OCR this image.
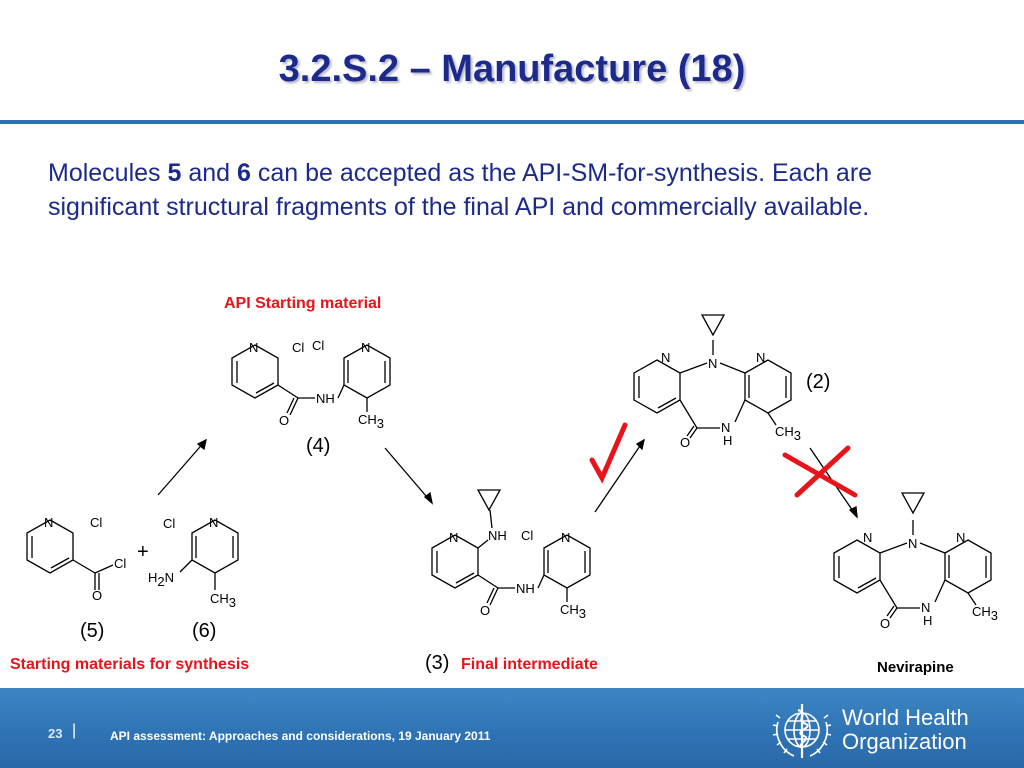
3.2.S.2 – Manufacture (18)
Molecules 5 and 6 can be accepted as the API-SM-for-synthesis. Each are significant structural fragments of the final API and commercially available.
N	Cl Cl	N
NH
O	CH3
N	Cl
Cl
O
Cl	N
H2N
CH3
N NH Cl N
NH
O	CH3
N	N	N
N
H
O
CH3
N	N	N
N
H
O
CH3
+
API Starting material
Starting materials for synthesis	Final intermediate	Nevirapine
(2)
(3)
(4)
(5)	(6)
23 |	API assessment: Approaches and considerations, 19 January 2011
World Health
Organization
